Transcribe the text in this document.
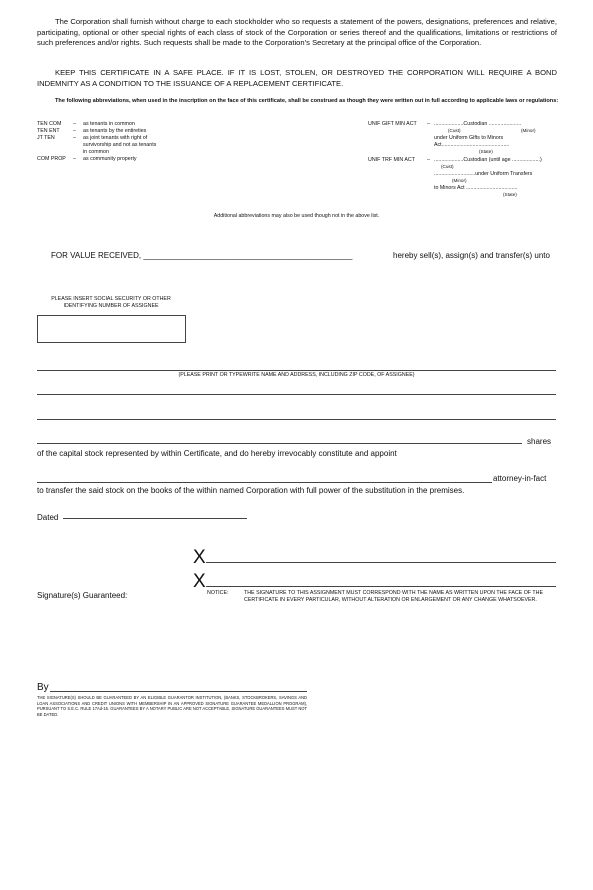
The Corporation shall furnish without charge to each stockholder who so requests a statement of the powers, designations, preferences and relative, participating, optional or other special rights of each class of stock of the Corporation or series thereof and the qualifications, limitations or restrictions of such preferences and/or rights. Such requests shall be made to the Corporation’s Secretary at the principal office of the Corporation.
KEEP THIS CERTIFICATE IN A SAFE PLACE. IF IT IS LOST, STOLEN, OR DESTROYED THE CORPORATION WILL REQUIRE A BOND INDEMNITY AS A CONDITION TO THE ISSUANCE OF A REPLACEMENT CERTIFICATE.
The following abbreviations, when used in the inscription on the face of this certificate, shall be construed as though they were written out in full according to applicable laws or regulations:
TEN COM	–	as tenants in common
TEN ENT	–	as tenants by the entireties
JT TEN	–	as joint tenants with right of
survivorship and not as tenants
in common
COM PROP	–	as community property
UNIF GIFT MIN ACT – ....................Custodian ......................
(Cust)	(Minor)
under Uniform Gifts to Minors
Act..............................................
(State)
UNIF TRF MIN ACT – ....................Custodian (until age ...................)
(Cust)
............................under Uniform Transfers
(Minor)
to Minors Act ...................................
(State)
Additional abbreviations may also be used though not in the above list.
FOR VALUE RECEIVED, _______________________________________________	hereby sell(s), assign(s) and transfer(s) unto
PLEASE INSERT SOCIAL SECURITY OR OTHER
IDENTIFYING NUMBER OF ASSIGNEE
(PLEASE PRINT OR TYPEWRITE NAME AND ADDRESS, INCLUDING ZIP CODE, OF ASSIGNEE)
shares
of the capital stock represented by within Certificate, and do hereby irrevocably constitute and appoint
attorney-in-fact
to transfer the said stock on the books of the within named Corporation with full power of the substitution in the premises.
Dated
X
X
Signature(s) Guaranteed:	NOTICE:	THE SIGNATURE TO THIS ASSIGNMENT MUST CORRESPOND WITH THE NAME AS WRITTEN UPON THE FACE OF THE CERTIFICATE IN EVERY PARTICULAR, WITHOUT ALTERATION OR ENLARGEMENT OR ANY CHANGE WHATSOEVER.
By
THE SIGNATURE(S) SHOULD BE GUARANTEED BY AN ELIGIBLE GUARANTOR INSTITUTION, (BANKS, STOCKBROKERS, SAVINGS AND LOAN ASSOCIATIONS AND CREDIT UNIONS WITH MEMBERSHIP IN AN APPROVED SIGNATURE GUARANTEE MEDALLION PROGRAM), PURSUANT TO S.E.C. RULE 17Ad-15. GUARANTEES BY A NOTARY PUBLIC ARE NOT ACCEPTABLE. SIGNATURE GUARANTEES MUST NOT BE DATED.
